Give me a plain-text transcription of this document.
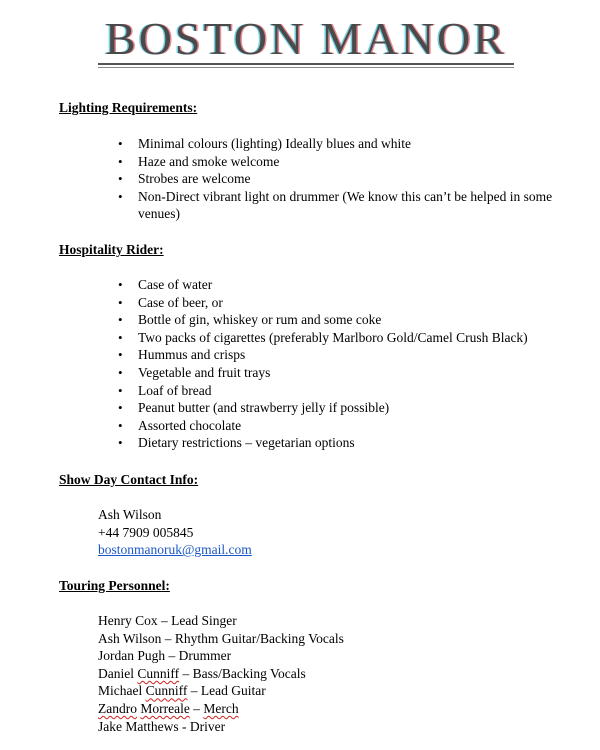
BOSTON MANOR
Lighting Requirements:
• Minimal colours (lighting) Ideally blues and white
• Haze and smoke welcome
• Strobes are welcome
• Non-Direct vibrant light on drummer (We know this can’t be helped in some venues)
Hospitality Rider:
• Case of water
• Case of beer, or
• Bottle of gin, whiskey or rum and some coke
• Two packs of cigarettes (preferably Marlboro Gold/Camel Crush Black)
• Hummus and crisps
• Vegetable and fruit trays
• Loaf of bread
• Peanut butter (and strawberry jelly if possible)
• Assorted chocolate
• Dietary restrictions – vegetarian options
Show Day Contact Info:
Ash Wilson
+44 7909 005845
bostonmanoruk@gmail.com
Touring Personnel:
Henry Cox – Lead Singer
Ash Wilson – Rhythm Guitar/Backing Vocals
Jordan Pugh – Drummer
Daniel Cunniff – Bass/Backing Vocals
Michael Cunniff – Lead Guitar
Zandro Morreale – Merch
Jake Matthews - Driver
